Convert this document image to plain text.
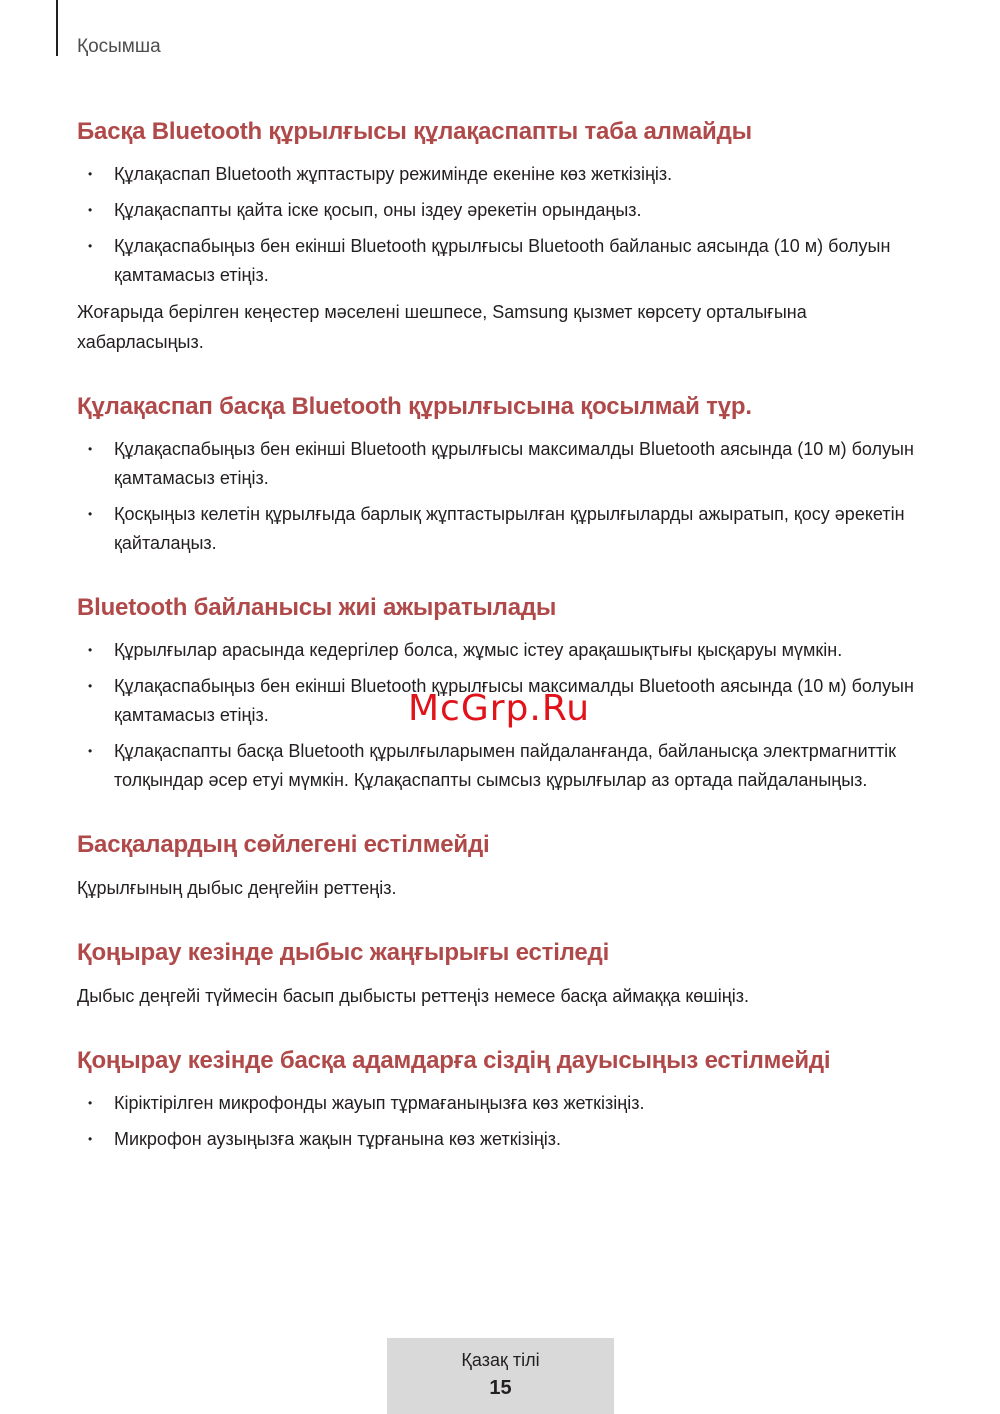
Қосымша
Басқа Bluetooth құрылғысы құлақаспапты таба алмайды
• Құлақаспап Bluetooth жұптастыру режимінде екеніне көз жеткізіңіз.
• Құлақаспапты қайта іске қосып, оны іздеу әрекетін орындаңыз.
• Құлақаспабыңыз бен екінші Bluetooth құрылғысы Bluetooth байланыс аясында (10 м) болуын қамтамасыз етіңіз.

Жоғарыда берілген кеңестер мәселені шешпесе, Samsung қызмет көрсету орталығына хабарласыңыз.

Құлақаспап басқа Bluetooth құрылғысына қосылмай тұр.
• Құлақаспабыңыз бен екінші Bluetooth құрылғысы максималды Bluetooth аясында (10 м) болуын қамтамасыз етіңіз.
• Қосқыңыз келетін құрылғыда барлық жұптастырылған құрылғыларды ажыратып, қосу әрекетін қайталаңыз.
Bluetooth байланысы жиі ажыратылады
• Құрылғылар арасында кедергілер болса, жұмыс істеу арақашықтығы қысқаруы мүмкін.
• Құлақаспабыңыз бен екінші Bluetooth құрылғысы максималды Bluetooth аясында (10 м) болуын қамтамасыз етіңіз.
• Құлақаспапты басқа Bluetooth құрылғыларымен пайдаланғанда, байланысқа электрмагниттік толқындар әсер етуі мүмкін. Құлақаспапты сымсыз құрылғылар аз ортада пайдаланыңыз.
Басқалардың сөйлегені естілмейді

Құрылғының дыбыс деңгейін реттеңіз.

Қоңырау кезінде дыбыс жаңғырығы естіледі

Дыбыс деңгейі түймесін басып дыбысты реттеңіз немесе басқа аймаққа көшіңіз.

Қоңырау кезінде басқа адамдарға сіздің дауысыңыз естілмейді
• Кіріктірілген микрофонды жауып тұрмағаныңызға көз жеткізіңіз.
• Микрофон аузыңызға жақын тұрғанына көз жеткізіңіз.
McGrp.Ru
Қазақ тілі
15
